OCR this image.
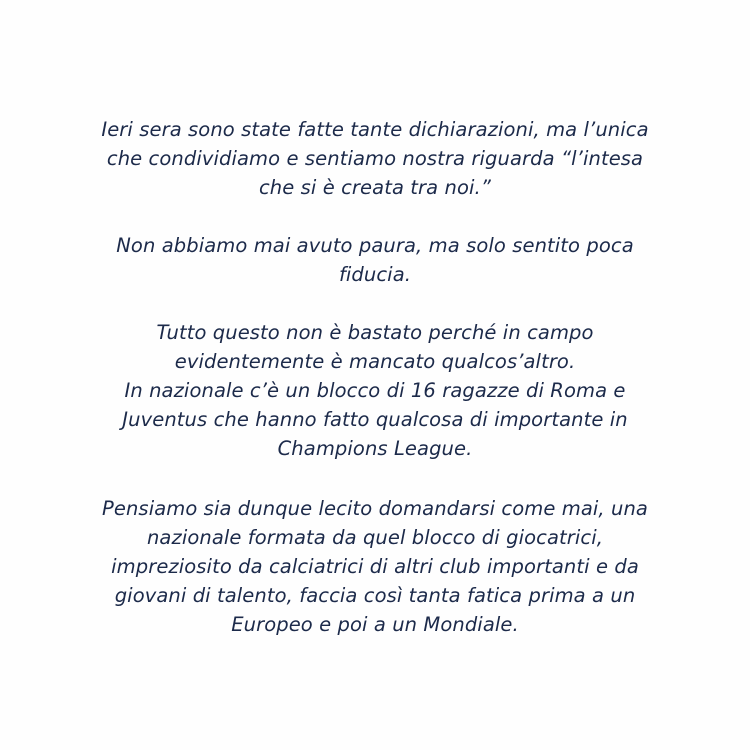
Ieri sera sono state fatte tante dichiarazioni, ma l’unica
che condividiamo e sentiamo nostra riguarda “l’intesa
che si è creata tra noi.”
Non abbiamo mai avuto paura, ma solo sentito poca
fiducia.
Tutto questo non è bastato perché in campo
evidentemente è mancato qualcos’altro.
In nazionale c’è un blocco di 16 ragazze di Roma e
Juventus che hanno fatto qualcosa di importante in
Champions League.
Pensiamo sia dunque lecito domandarsi come mai, una
nazionale formata da quel blocco di giocatrici,
impreziosito da calciatrici di altri club importanti e da
giovani di talento, faccia così tanta fatica prima a un
Europeo e poi a un Mondiale.
